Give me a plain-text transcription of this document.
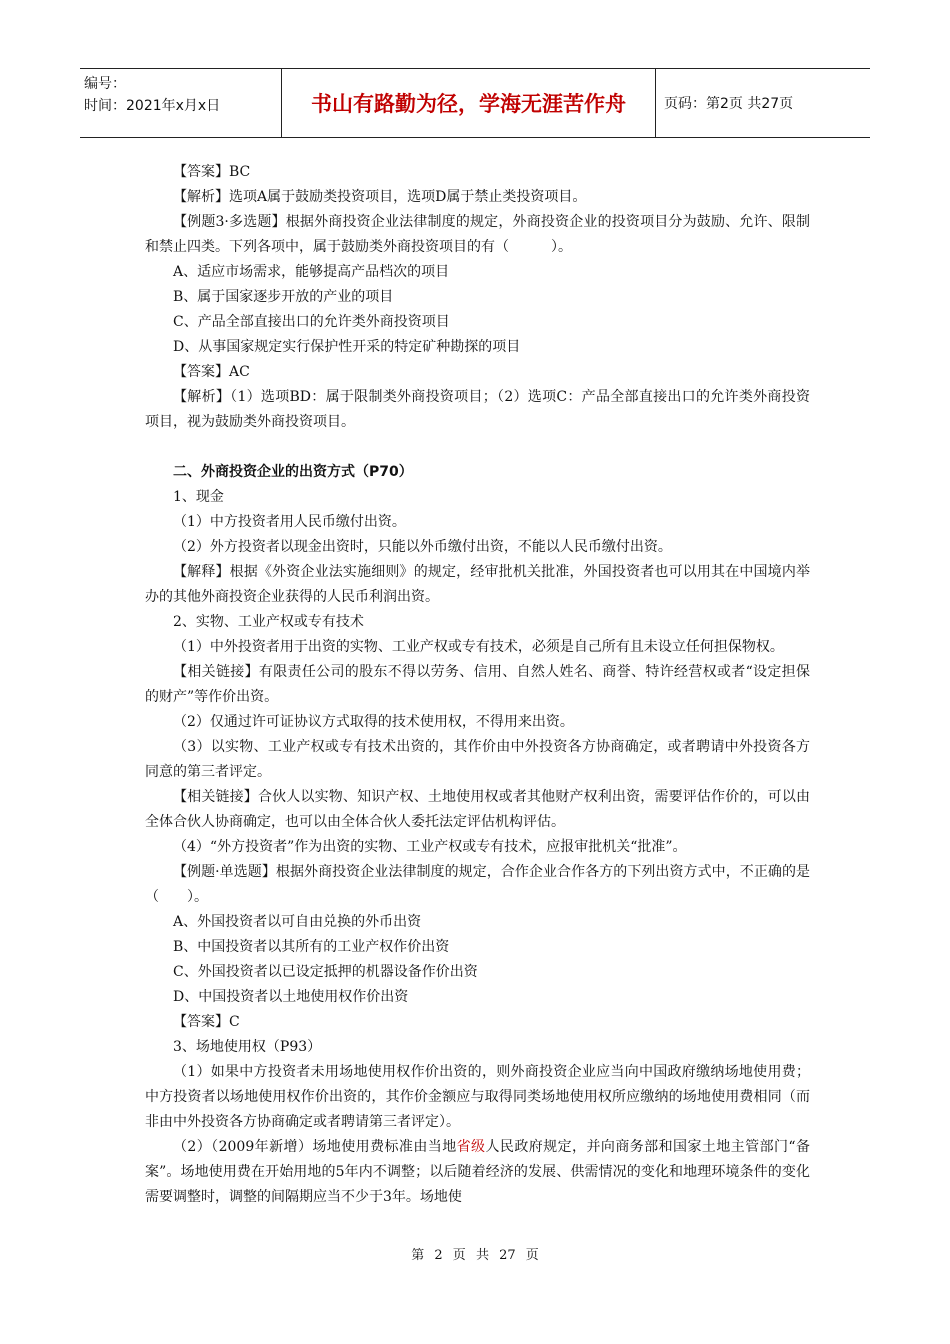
编号：
时间：2021年x月x日	书山有路勤为径，学海无涯苦作舟	页码：第2页 共27页

【答案】BC

【解析】选项A属于鼓励类投资项目，选项D属于禁止类投资项目。

【例题3·多选题】根据外商投资企业法律制度的规定，外商投资企业的投资项目分为鼓励、允许、限制和禁止四类。下列各项中，属于鼓励类外商投资项目的有（　　　）。

A、适应市场需求，能够提高产品档次的项目

B、属于国家逐步开放的产业的项目

C、产品全部直接出口的允许类外商投资项目

D、从事国家规定实行保护性开采的特定矿种勘探的项目

【答案】AC

【解析】（1）选项BD：属于限制类外商投资项目；（2）选项C：产品全部直接出口的允许类外商投资项目，视为鼓励类外商投资项目。

二、外商投资企业的出资方式（P70）

1、现金

（1）中方投资者用人民币缴付出资。

（2）外方投资者以现金出资时，只能以外币缴付出资，不能以人民币缴付出资。

【解释】根据《外资企业法实施细则》的规定，经审批机关批准，外国投资者也可以用其在中国境内举办的其他外商投资企业获得的人民币利润出资。

2、实物、工业产权或专有技术

（1）中外投资者用于出资的实物、工业产权或专有技术，必须是自己所有且未设立任何担保物权。

【相关链接】有限责任公司的股东不得以劳务、信用、自然人姓名、商誉、特许经营权或者“设定担保的财产”等作价出资。

（2）仅通过许可证协议方式取得的技术使用权，不得用来出资。

（3）以实物、工业产权或专有技术出资的，其作价由中外投资各方协商确定，或者聘请中外投资各方同意的第三者评定。

【相关链接】合伙人以实物、知识产权、土地使用权或者其他财产权利出资，需要评估作价的，可以由全体合伙人协商确定，也可以由全体合伙人委托法定评估机构评估。

（4）“外方投资者”作为出资的实物、工业产权或专有技术，应报审批机关“批准”。

【例题·单选题】根据外商投资企业法律制度的规定，合作企业合作各方的下列出资方式中，不正确的是（　　）。

A、外国投资者以可自由兑换的外币出资

B、中国投资者以其所有的工业产权作价出资

C、外国投资者以已设定抵押的机器设备作价出资

D、中国投资者以土地使用权作价出资

【答案】C

3、场地使用权（P93）

（1）如果中方投资者未用场地使用权作价出资的，则外商投资企业应当向中国政府缴纳场地使用费；中方投资者以场地使用权作价出资的，其作价金额应与取得同类场地使用权所应缴纳的场地使用费相同（而非由中外投资各方协商确定或者聘请第三者评定）。

（2）（2009年新增）场地使用费标准由当地省级人民政府规定，并向商务部和国家土地主管部门“备案”。场地使用费在开始用地的5年内不调整；以后随着经济的发展、供需情况的变化和地理环境条件的变化需要调整时，调整的间隔期应当不少于3年。场地使

第 2 页 共 27 页
